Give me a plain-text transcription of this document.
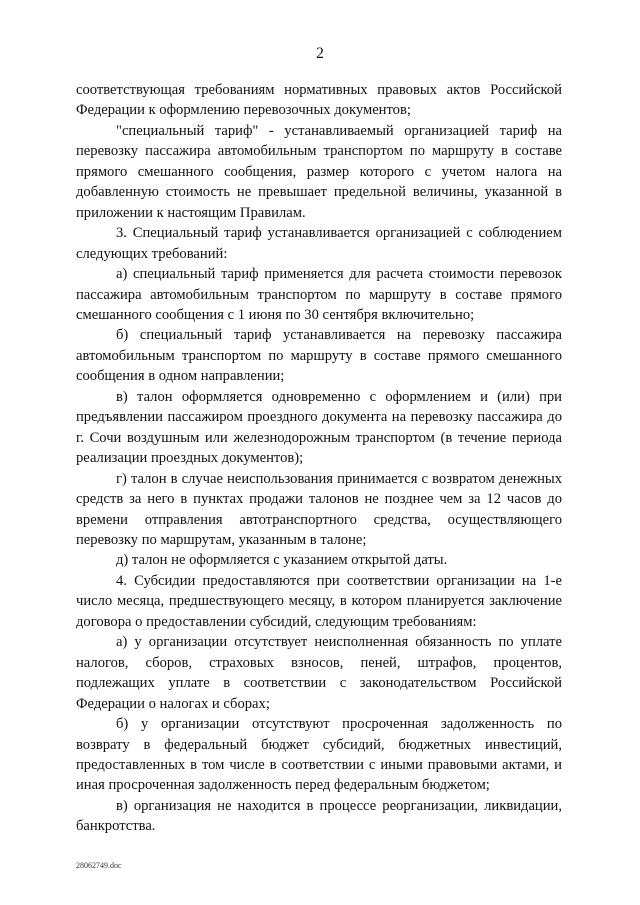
2

соответствующая требованиям нормативных правовых актов Российской Федерации к оформлению перевозочных документов;

"специальный тариф" - устанавливаемый организацией тариф на перевозку пассажира автомобильным транспортом по маршруту в составе прямого смешанного сообщения, размер которого с учетом налога на добавленную стоимость не превышает предельной величины, указанной в приложении к настоящим Правилам.

3. Специальный тариф устанавливается организацией с соблюдением следующих требований:

а) специальный тариф применяется для расчета стоимости перевозок пассажира автомобильным транспортом по маршруту в составе прямого смешанного сообщения с 1 июня по 30 сентября включительно;

б) специальный тариф устанавливается на перевозку пассажира автомобильным транспортом по маршруту в составе прямого смешанного сообщения в одном направлении;

в) талон оформляется одновременно с оформлением и (или) при предъявлении пассажиром проездного документа на перевозку пассажира до г. Сочи воздушным или железнодорожным транспортом (в течение периода реализации проездных документов);

г) талон в случае неиспользования принимается с возвратом денежных средств за него в пунктах продажи талонов не позднее чем за 12 часов до времени отправления автотранспортного средства, осуществляющего перевозку по маршрутам, указанным в талоне;

д) талон не оформляется с указанием открытой даты.

4. Субсидии предоставляются при соответствии организации на 1-е число месяца, предшествующего месяцу, в котором планируется заключение договора о предоставлении субсидий, следующим требованиям:

а) у организации отсутствует неисполненная обязанность по уплате налогов, сборов, страховых взносов, пеней, штрафов, процентов, подлежащих уплате в соответствии с законодательством Российской Федерации о налогах и сборах;

б) у организации отсутствуют просроченная задолженность по возврату в федеральный бюджет субсидий, бюджетных инвестиций, предоставленных в том числе в соответствии с иными правовыми актами, и иная просроченная задолженность перед федеральным бюджетом;

в) организация не находится в процессе реорганизации, ликвидации, банкротства.

28062749.doc
